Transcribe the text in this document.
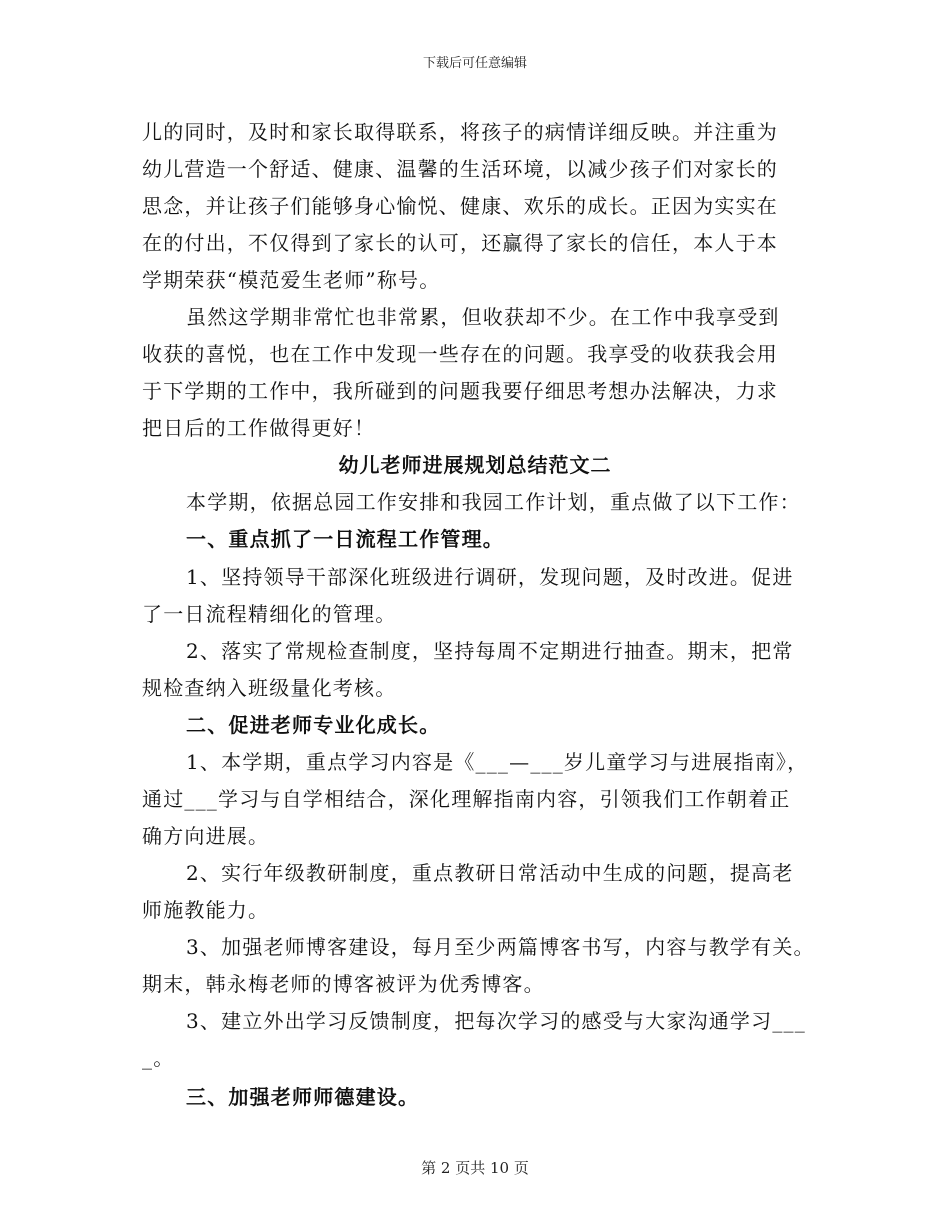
下载后可任意编辑
儿的同时，及时和家长取得联系，将孩子的病情详细反映。并注重为
幼儿营造一个舒适、健康、温馨的生活环境，以减少孩子们对家长的
思念，并让孩子们能够身心愉悦、健康、欢乐的成长。正因为实实在
在的付出，不仅得到了家长的认可，还赢得了家长的信任，本人于本
学期荣获“模范爱生老师”称号。
虽然这学期非常忙也非常累，但收获却不少。在工作中我享受到
收获的喜悦，也在工作中发现一些存在的问题。我享受的收获我会用
于下学期的工作中，我所碰到的问题我要仔细思考想办法解决，力求
把日后的工作做得更好！
幼儿老师进展规划总结范文二
本学期，依据总园工作安排和我园工作计划，重点做了以下工作：
一、重点抓了一日流程工作管理。
1、坚持领导干部深化班级进行调研，发现问题，及时改进。促进
了一日流程精细化的管理。
2、落实了常规检查制度，坚持每周不定期进行抽查。期末，把常
规检查纳入班级量化考核。
二、促进老师专业化成长。
1、本学期，重点学习内容是《___—___岁儿童学习与进展指南》，
通过___学习与自学相结合，深化理解指南内容，引领我们工作朝着正
确方向进展。
2、实行年级教研制度，重点教研日常活动中生成的问题，提高老
师施教能力。
3、加强老师博客建设，每月至少两篇博客书写，内容与教学有关。
期末，韩永梅老师的博客被评为优秀博客。
3、建立外出学习反馈制度，把每次学习的感受与大家沟通学习___
_。
三、加强老师师德建设。
第 2 页共 10 页
